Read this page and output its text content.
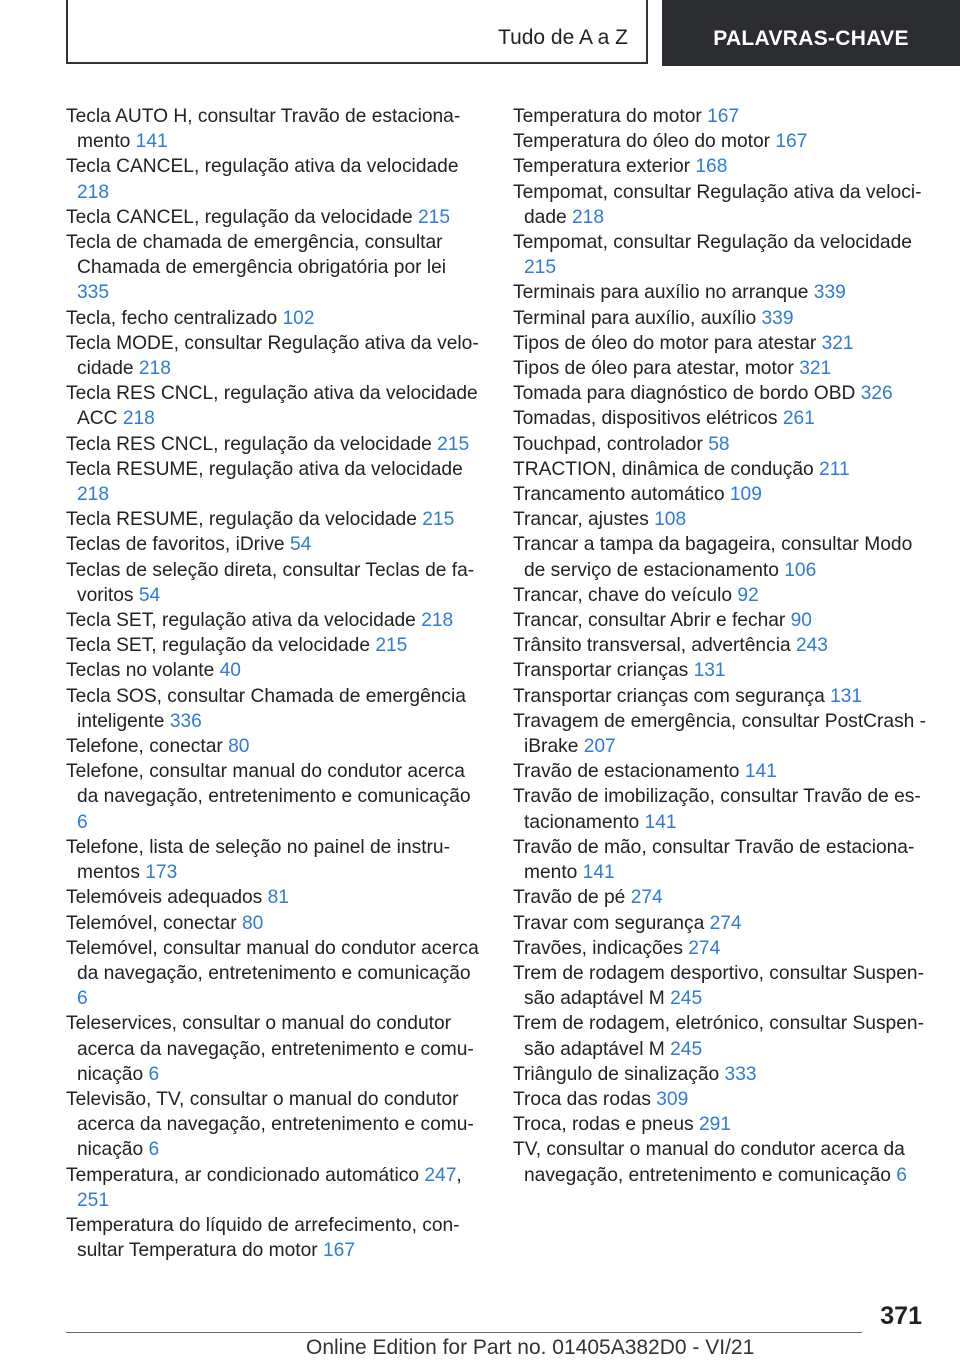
Tudo de A a Z	PALAVRAS-CHAVE
Tecla AUTO H, consultar Travão de estacionamento 141
Tecla CANCEL, regulação ativa da velocidade 218
Tecla CANCEL, regulação da velocidade 215
Tecla de chamada de emergência, consultar Chamada de emergência obrigatória por lei 335
Tecla, fecho centralizado 102
Tecla MODE, consultar Regulação ativa da velocidade 218
Tecla RES CNCL, regulação ativa da velocidade ACC 218
Tecla RES CNCL, regulação da velocidade 215
Tecla RESUME, regulação ativa da velocidade 218
Tecla RESUME, regulação da velocidade 215
Teclas de favoritos, iDrive 54
Teclas de seleção direta, consultar Teclas de favoritos 54
Tecla SET, regulação ativa da velocidade 218
Tecla SET, regulação da velocidade 215
Teclas no volante 40
Tecla SOS, consultar Chamada de emergência inteligente 336
Telefone, conectar 80
Telefone, consultar manual do condutor acerca da navegação, entretenimento e comunicação 6
Telefone, lista de seleção no painel de instrumentos 173
Telemóveis adequados 81
Telemóvel, conectar 80
Telemóvel, consultar manual do condutor acerca da navegação, entretenimento e comunicação 6
Teleservices, consultar o manual do condutor acerca da navegação, entretenimento e comunicação 6
Televisão, TV, consultar o manual do condutor acerca da navegação, entretenimento e comunicação 6
Temperatura, ar condicionado automático 247, 251
Temperatura do líquido de arrefecimento, consultar Temperatura do motor 167
Temperatura do motor 167
Temperatura do óleo do motor 167
Temperatura exterior 168
Tempomat, consultar Regulação ativa da velocidade 218
Tempomat, consultar Regulação da velocidade 215
Terminais para auxílio no arranque 339
Terminal para auxílio, auxílio 339
Tipos de óleo do motor para atestar 321
Tipos de óleo para atestar, motor 321
Tomada para diagnóstico de bordo OBD 326
Tomadas, dispositivos elétricos 261
Touchpad, controlador 58
TRACTION, dinâmica de condução 211
Trancamento automático 109
Trancar, ajustes 108
Trancar a tampa da bagageira, consultar Modo de serviço de estacionamento 106
Trancar, chave do veículo 92
Trancar, consultar Abrir e fechar 90
Trânsito transversal, advertência 243
Transportar crianças 131
Transportar crianças com segurança 131
Travagem de emergência, consultar PostCrash - iBrake 207
Travão de estacionamento 141
Travão de imobilização, consultar Travão de estacionamento 141
Travão de mão, consultar Travão de estacionamento 141
Travão de pé 274
Travar com segurança 274
Travões, indicações 274
Trem de rodagem desportivo, consultar Suspensão adaptável M 245
Trem de rodagem, eletrónico, consultar Suspensão adaptável M 245
Triângulo de sinalização 333
Troca das rodas 309
Troca, rodas e pneus 291
TV, consultar o manual do condutor acerca da navegação, entretenimento e comunicação 6
371
Online Edition for Part no. 01405A382D0 - VI/21
